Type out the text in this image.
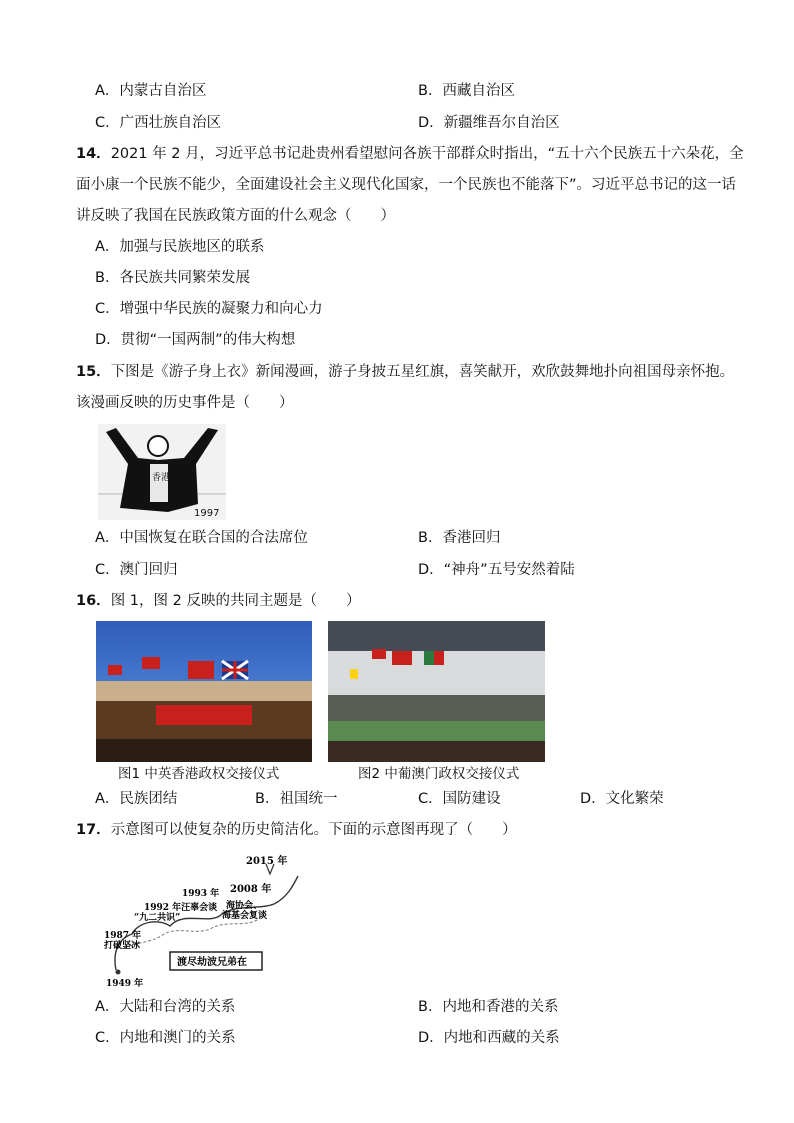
A．内蒙古自治区	B．西藏自治区
C．广西壮族自治区	D．新疆维吾尔自治区
14．2021 年 2 月，习近平总书记赴贵州看望慰问各族干部群众时指出，“五十六个民族五十六朵花，全
面小康一个民族不能少，全面建设社会主义现代化国家，一个民族也不能落下”。习近平总书记的这一话
讲反映了我国在民族政策方面的什么观念（　　）
A．加强与民族地区的联系
B．各民族共同繁荣发展
C．增强中华民族的凝聚力和向心力
D．贯彻“一国两制”的伟大构想
15．下图是《游子身上衣》新闻漫画，游子身披五星红旗，喜笑献开，欢欣鼓舞地扑向祖国母亲怀抱。
该漫画反映的历史事件是（　　）
香港
1997
A．中国恢复在联合国的合法席位	B．香港回归
C．澳门回归	D．“神舟”五号安然着陆
16．图 1，图 2 反映的共同主题是（　　）
图1 中英香港政权交接仪式	图2 中葡澳门政权交接仪式
A．民族团结	B．祖国统一	C．国防建设	D．文化繁荣
17．示意图可以使复杂的历史简洁化。下面的示意图再现了（　　）
2015 年
2008 年
1993 年
1992 年汪辜会谈
“九二共识”
海协会、
海基会复谈
1987 年
打破坚冰
1949 年
渡尽劫波兄弟在
A．大陆和台湾的关系	B．内地和香港的关系
C．内地和澳门的关系	D．内地和西藏的关系
